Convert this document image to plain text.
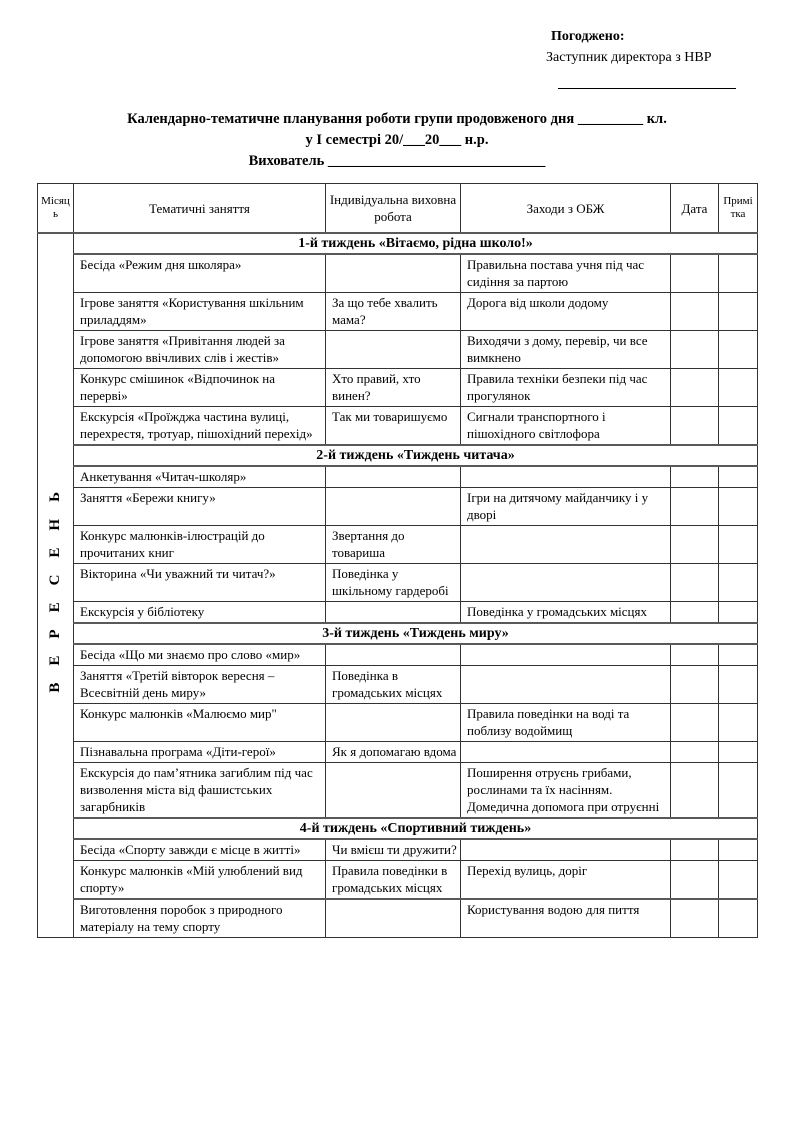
Погоджено:
Заступник директора з НВР
Календарно-тематичне планування роботи групи продовженого дня _________ кл.
у І семестрі 20/___20___ н.р.
Вихователь ______________________________
Місяць	Тематичні заняття	Індивідуальна виховна робота	Заходи з ОБЖ	Дата	Примітка
ВЕРЕСЕНЬ	1-й тиждень «Вітаємо, рідна школо!»				
	Бесіда «Режим дня школяра»		Правильна постава учня під час сидіння за партою		
	Ігрове заняття «Користування шкільним приладдям»	За що тебе хвалить мама?	Дорога від школи додому		
	Ігрове заняття «Привітання людей за допомогою ввічливих слів і жестів»		Виходячи з дому, перевір, чи все вимкнено		
	Конкурс смішинок «Відпочинок на перерві»	Хто правий, хто винен?	Правила техніки безпеки під час прогулянок		
	Екскурсія «Проїжджа частина вулиці, перехрестя, тротуар, пішохідний перехід»	Так ми товаришуємо	Сигнали транспортного і пішохідного світлофора		
	2-й тиждень «Тиждень читача»				
	Анкетування «Читач-школяр»				
	Заняття «Бережи книгу»		Ігри на дитячому майданчику і у дворі		
	Конкурс малюнків-ілюстрацій до прочитаних книг	Звертання до товариша			
	Вікторина «Чи уважний ти читач?»	Поведінка у шкільному гардеробі			
	Екскурсія у бібліотеку		Поведінка у громадських місцях		
	3-й тиждень «Тиждень миру»				
	Бесіда «Що ми знаємо про слово «мир»				
	Заняття «Третій вівторок вересня – Всесвітній день миру»	Поведінка в громадських місцях			
	Конкурс малюнків «Малюємо мир"		Правила поведінки на воді та поблизу водоймищ		
	Пізнавальна програма «Діти-герої»	Як я допомагаю вдома			
	Екскурсія до пам’ятника загиблим під час визволення міста від фашистських загарбників		Поширення отруєнь грибами, рослинами та їх насінням. Домедична допомога при отруєнні		
	4-й тиждень «Спортивний тиждень»				
	Бесіда «Спорту завжди є місце в житті»	Чи вмієш ти дружити?			
	Конкурс малюнків «Мій улюблений вид спорту»	Правила поведінки в громадських місцях	Перехід вулиць, доріг		
	Виготовлення поробок з природного матеріалу на тему спорту		Користування водою для пиття		
